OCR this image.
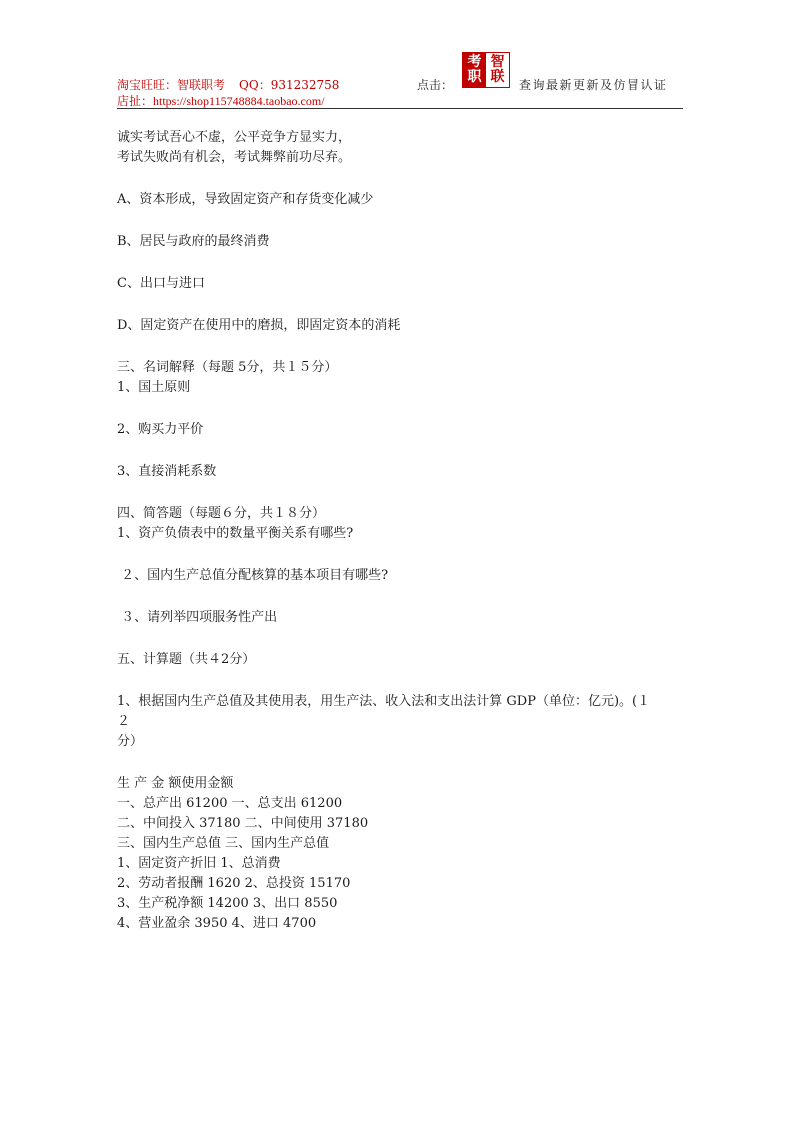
淘宝旺旺：智联职考 QQ：931232758	点击：
考
职
智
联 查询最新更新及仿冒认证
店扯：https://shop115748884.taobao.com/

诚实考试吾心不虚，公平竞争方显实力，

考试失败尚有机会，考试舞弊前功尽弃。

A、资本形成，导致固定资产和存货变化减少

B、居民与政府的最终消费

C、出口与进口

D、固定资产在使用中的磨损，即固定资本的消耗

三、名词解释（每题 5分，共１５分）

1、国土原则

2、购买力平价

3、直接消耗系数

四、简答题（每题６分，共１８分）

1、资产负债表中的数量平衡关系有哪些?

２、国内生产总值分配核算的基本项目有哪些?

３、请列举四项服务性产出

五、计算题（共４2分）

1、根据国内生产总值及其使用表，用生产法、收入法和支出法计算 GDP（单位：亿元)。(１

２

分）

生 产 金 额使用金额

一、总产出 61200 一、总支出 61200

二、中间投入 37180 二、中间使用 37180

三、国内生产总值 三、国内生产总值

1、固定资产折旧 1、总消费

2、劳动者报酬 1620 2、总投资 15170

3、生产税净额 14200 3、出口 8550

4、营业盈余 3950 4、进口 4700
